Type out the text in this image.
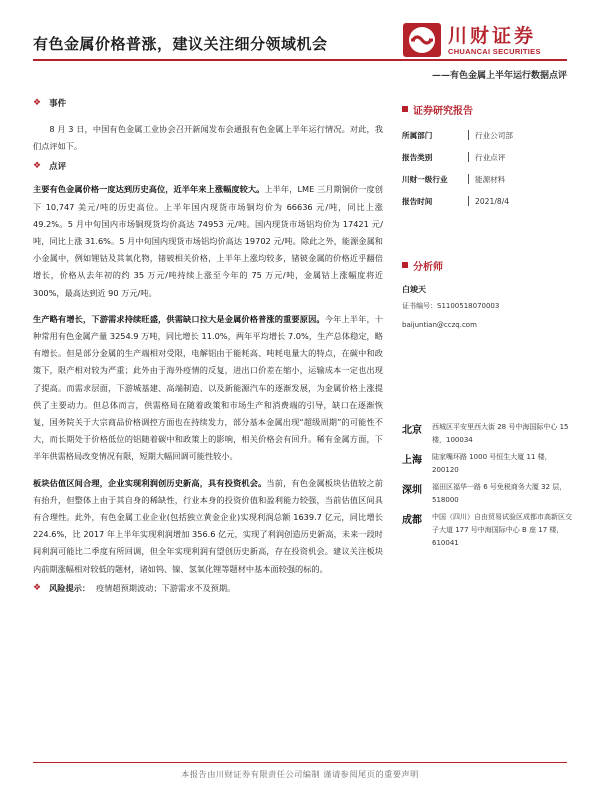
有色金属价格普涨，建议关注细分领域机会
——有色金属上半年运行数据点评
川财证券
CHUANCAI SECURITIES
❖ 事件

8 月 3 日，中国有色金属工业协会召开新闻发布会通报有色金属上半年运行情况。对此，我们点评如下。

❖ 点评

主要有色金属价格一度达到历史高位，近半年来上涨幅度较大。上半年，LME 三月期铜价一度创下 10,747 美元/吨的历史高位。上半年国内现货市场铜均价为 66636 元/吨，同比上涨 49.2%。5 月中旬国内市场铜现货均价高达 74953 元/吨。国内现货市场铝均价为 17421 元/吨，同比上涨 31.6%。5 月中旬国内现货市场铝均价高达 19702 元/吨。除此之外，能源金属和小金属中，例如锂钴及其氧化物，锗铍相关价格，上半年上涨均较多，锗铍金属的价格近乎翻倍增长，价格从去年初的约 35 万元/吨持续上涨至今年的 75 万元/吨，金属钴上涨幅度将近 300%，最高达到近 90 万元/吨。

生产略有增长，下游需求持续旺盛，供需缺口拉大是金属价格普涨的重要原因。今年上半年，十种常用有色金属产量 3254.9 万吨，同比增长 11.0%，两年平均增长 7.0%，生产总体稳定，略有增长。但是部分金属的生产端相对受限，电解铝由于能耗高、吨耗电量大的特点，在碳中和政策下，限产相对较为严重；此外由于海外疫情的反复，进出口价差在缩小，运输成本一定也出现了提高。而需求层面，下游城基建、高端制造、以及新能源汽车的逐渐发展，为金属价格上涨提供了主要动力。但总体而言，供需格局在随着政策和市场生产和消费端的引导，缺口在逐渐恢复，国务院关于大宗商品价格调控方面也在持续发力，部分基本金属出现“超级周期”的可能性不大，而长期处于价格低位的铝随着碳中和政策上的影响，相关价格会有回升。稀有金属方面，下半年供需格局改变情况有限，短期大幅回调可能性较小。

板块估值区间合理，企业实现利润创历史新高，具有投资机会。当前，有色金属板块估值较之前有抬升，但整体上由于其自身的稀缺性，行业本身的投资价值和盈利能力较强，当前估值区间具有合理性。此外，有色金属工业企业(包括独立黄金企业)实现利润总额 1639.7 亿元，同比增长 224.6%，比 2017 年上半年实现利润增加 356.6 亿元，实现了利润创造历史新高，未来一段时间利润可能比二季度有所回调，但全年实现利润有望创历史新高，存在投资机会。建议关注板块内前期涨幅相对较低的题材，诸如钨、镍、氢氧化锂等题材中基本面较强的标的。

❖ 风险提示： 疫情超预期波动；下游需求不及预期。
证券研究报告
所属部门	行业公司部
报告类别	行业点评
川财一级行业	能源材料
报告时间	2021/8/4
分析师
白竣天
证书编号：S1100518070003
baijuntian@cczq.com
北京	西城区平安里西大街 28 号中海国际中心 15 楼，100034
上海	陆家嘴环路 1000 号恒生大厦 11 楼，200120
深圳	福田区福华一路 6 号免税商务大厦 32 层，518000
成都	中国（四川）自由贸易试验区成都市高新区交子大道 177 号中海国际中心 B 座 17 楼，610041
本报告由川财证券有限责任公司编制 谨请参阅尾页的重要声明
